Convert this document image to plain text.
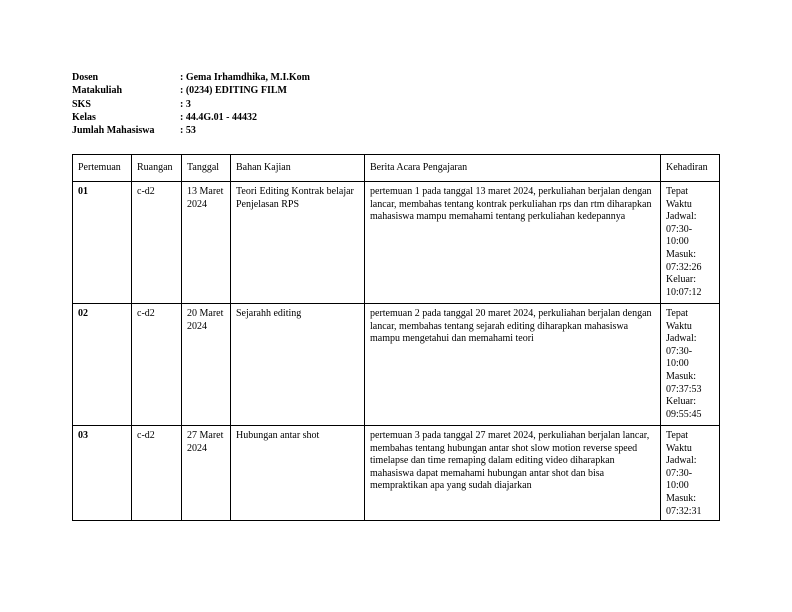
Dosen	: Gema Irhamdhika, M.I.Kom
Matakuliah	: (0234) EDITING FILM
SKS	: 3
Kelas	: 44.4G.01 - 44432
Jumlah Mahasiswa	: 53
Pertemuan	Ruangan	Tanggal	Bahan Kajian	Berita Acara Pengajaran	Kehadiran
01	c-d2	13 Maret 2024	Teori Editing Kontrak belajar Penjelasan RPS	pertemuan 1 pada tanggal 13 maret 2024, perkuliahan berjalan dengan lancar, membahas tentang kontrak perkuliahan rps dan rtm diharapkan mahasiswa mampu memahami tentang perkuliahan kedepannya	Tepat Waktu Jadwal: 07:30-10:00 Masuk: 07:32:26 Keluar: 10:07:12
02	c-d2	20 Maret 2024	Sejarahh editing	pertemuan 2 pada tanggal 20 maret 2024, perkuliahan berjalan dengan lancar, membahas tentang sejarah editing diharapkan mahasiswa mampu mengetahui dan memahami teori	Tepat Waktu Jadwal: 07:30-10:00 Masuk: 07:37:53 Keluar: 09:55:45
03	c-d2	27 Maret 2024	Hubungan antar shot	pertemuan 3 pada tanggal 27 maret 2024, perkuliahan berjalan lancar, membahas tentang hubungan antar shot slow motion reverse speed timelapse dan time remaping dalam editing video diharapkan mahasiswa dapat memahami hubungan antar shot dan bisa mempraktikan apa yang sudah diajarkan	Tepat Waktu Jadwal: 07:30-10:00 Masuk: 07:32:31
